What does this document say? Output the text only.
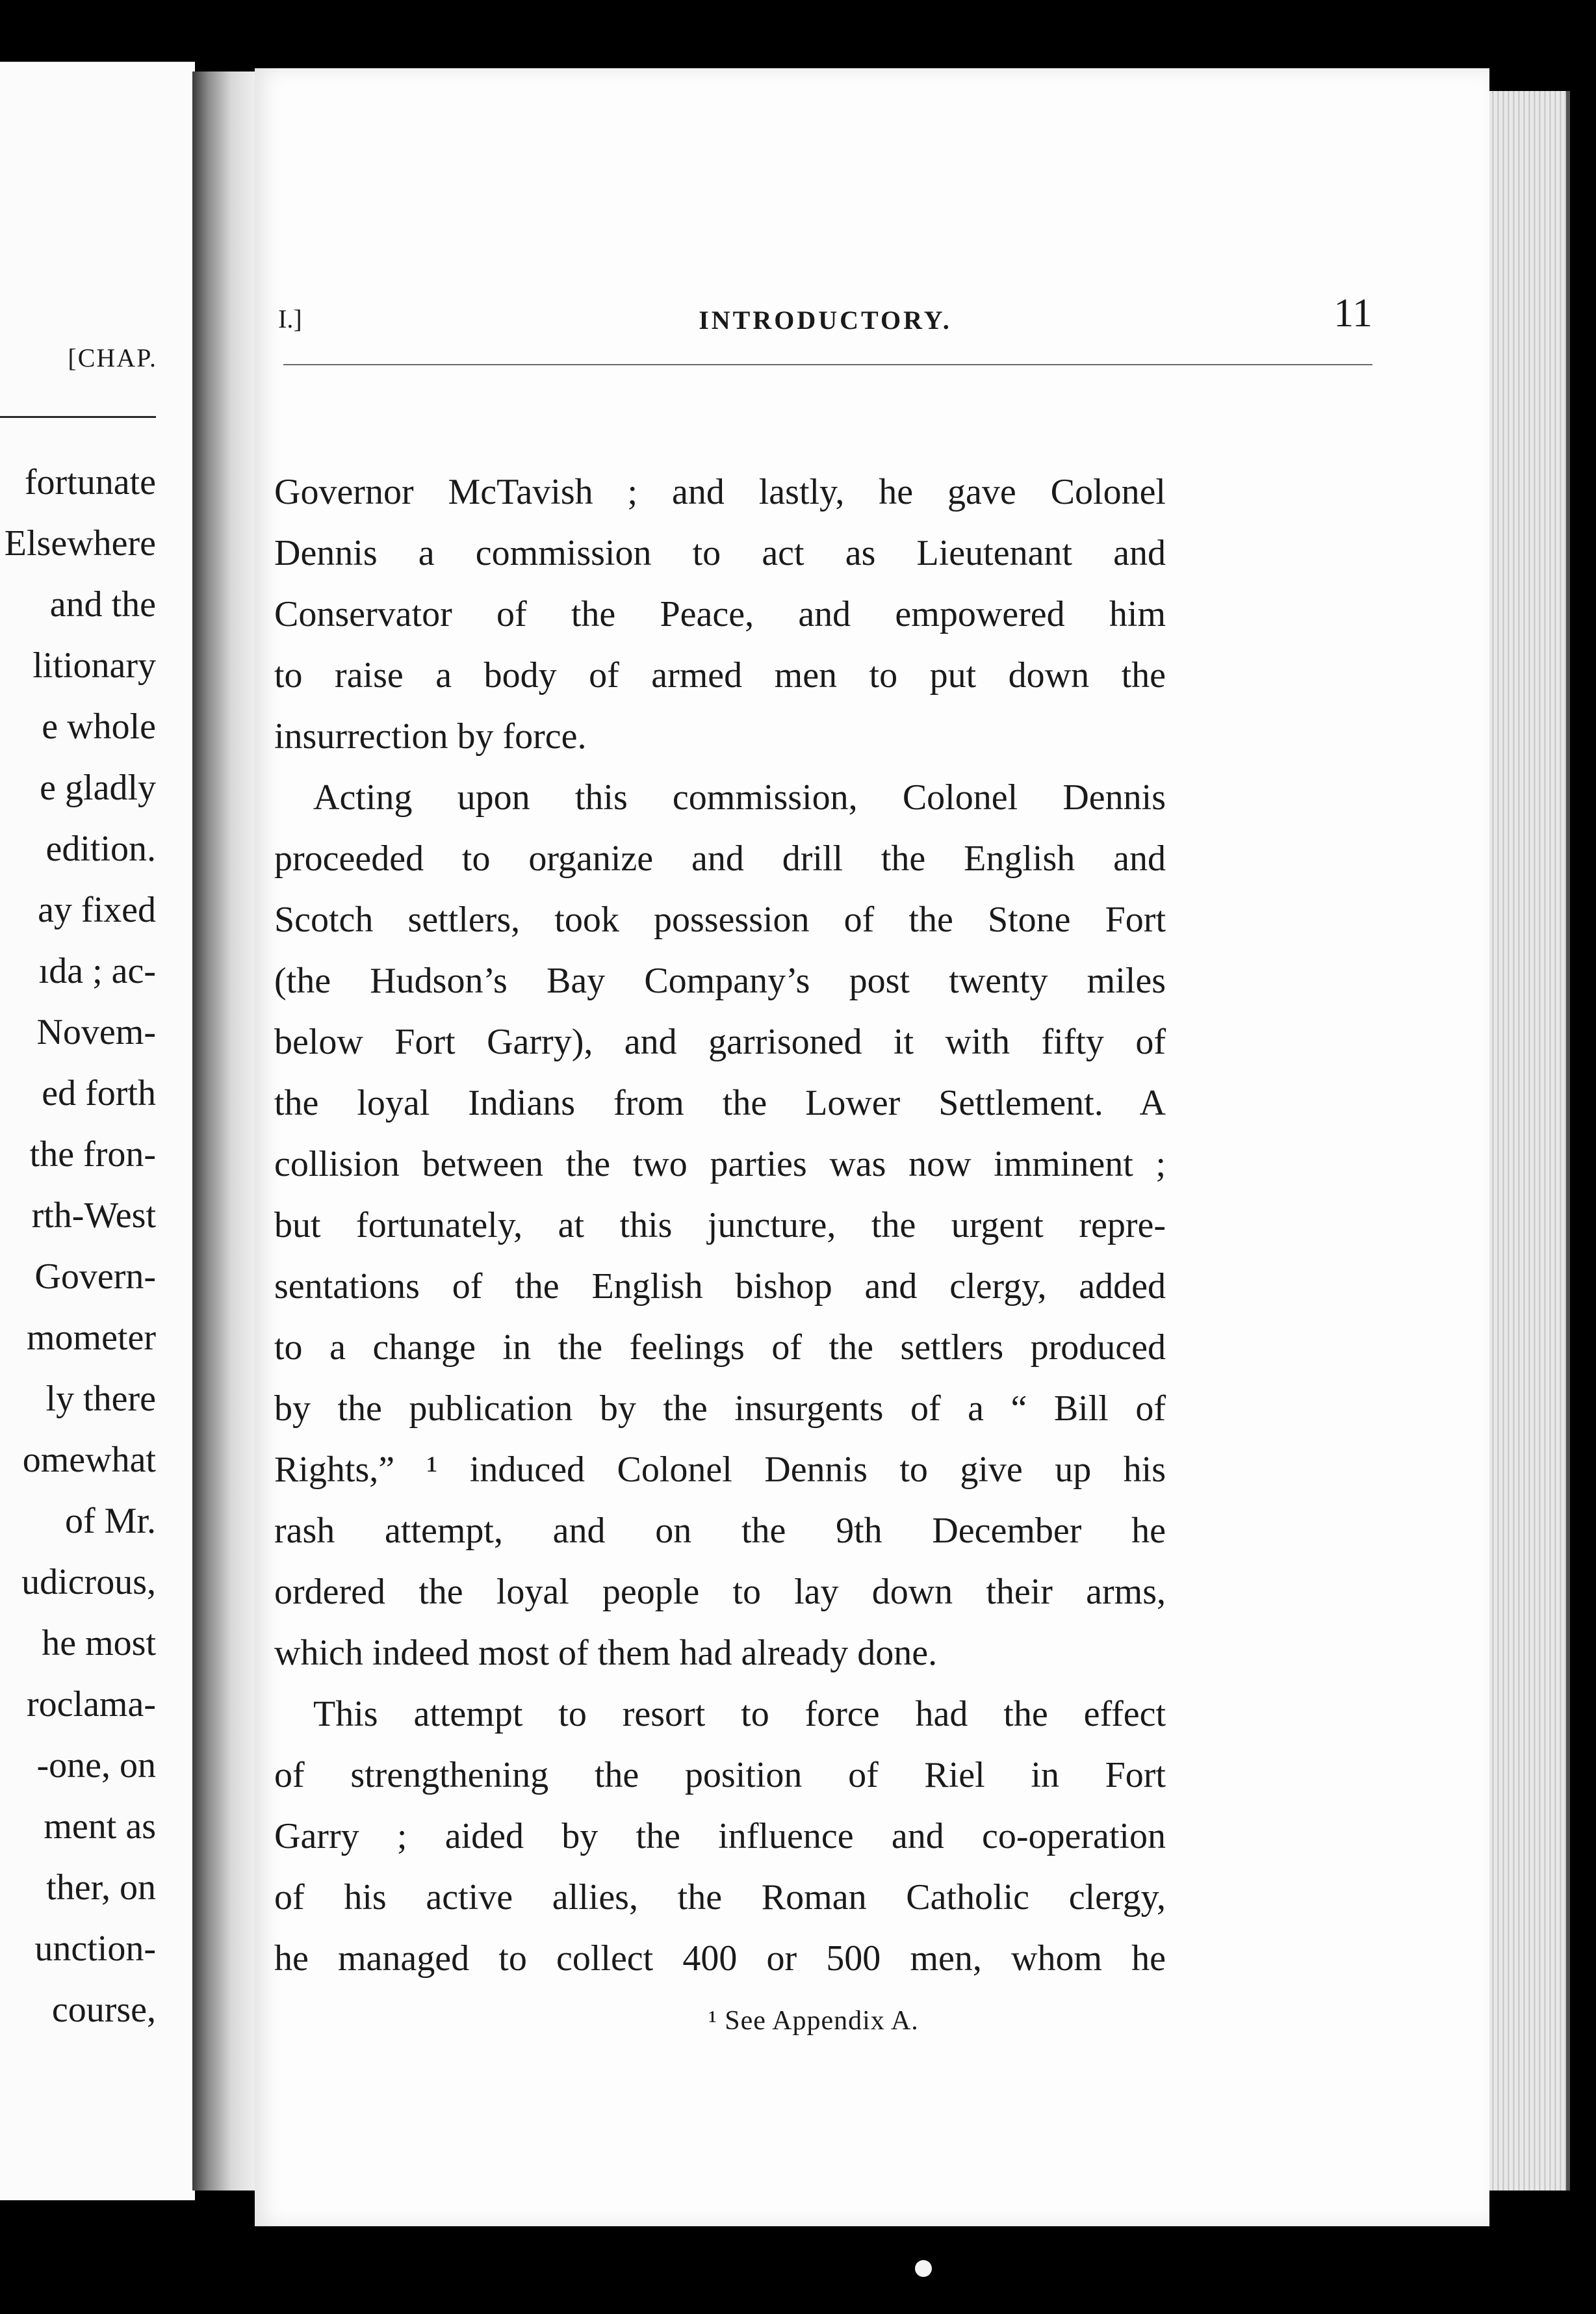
[CHAP.
fortunate
Elsewhere
and the
litionary
e whole
e gladly
edition.
ay fixed
ıda ; ac-
Novem-
ed forth
the fron-
rth-West
Govern-
mometer
ly there
omewhat
of Mr.
udicrous,
he most
roclama-
-one, on
ment as
ther, on
unction-
course,
I.]	INTRODUCTORY.	11
Governor McTavish ; and lastly, he gave Colonel
Dennis a commission to act as Lieutenant and
Conservator of the Peace, and empowered him
to raise a body of armed men to put down the
insurrection by force.
Acting upon this commission, Colonel Dennis
proceeded to organize and drill the English and
Scotch settlers, took possession of the Stone Fort
(the Hudson’s Bay Company’s post twenty miles
below Fort Garry), and garrisoned it with fifty of
the loyal Indians from the Lower Settlement. A
collision between the two parties was now imminent ;
but fortunately, at this juncture, the urgent repre-
sentations of the English bishop and clergy, added
to a change in the feelings of the settlers produced
by the publication by the insurgents of a “ Bill of
Rights,” ¹ induced Colonel Dennis to give up his
rash attempt, and on the 9th December he
ordered the loyal people to lay down their arms,
which indeed most of them had already done.
This attempt to resort to force had the effect
of strengthening the position of Riel in Fort
Garry ; aided by the influence and co-operation
of his active allies, the Roman Catholic clergy,
he managed to collect 400 or 500 men, whom he
¹ See Appendix A.
